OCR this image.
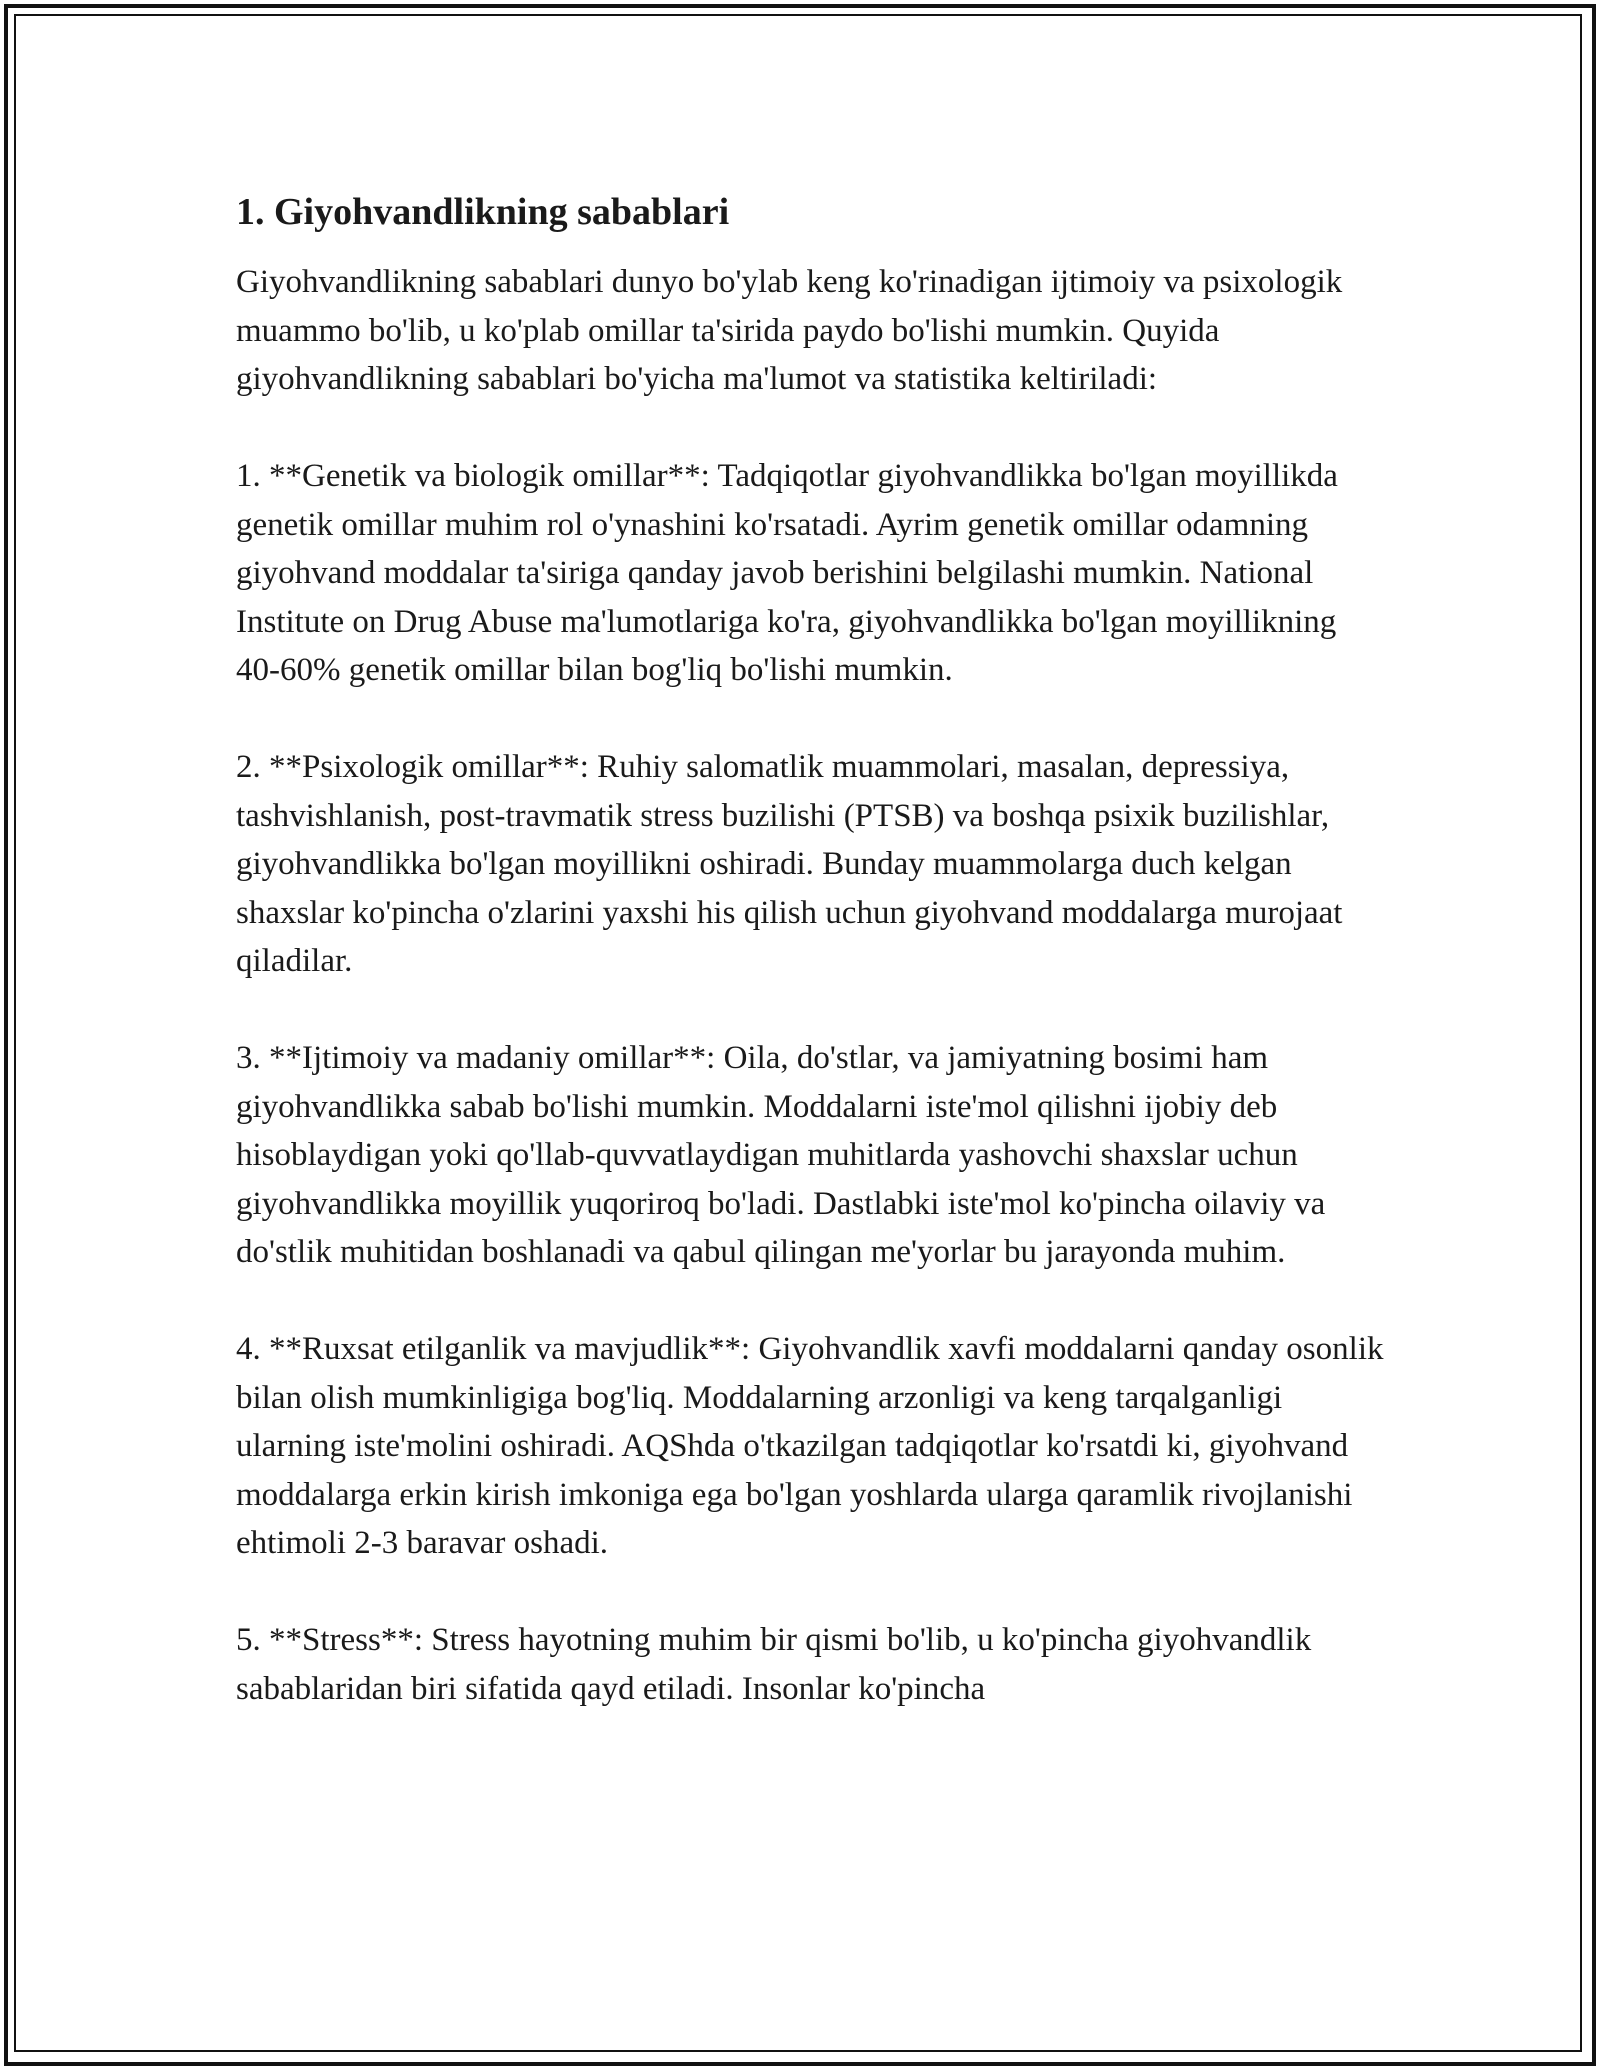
1. Giyohvandlikning sabablari

Giyohvandlikning sabablari dunyo bo'ylab keng ko'rinadigan ijtimoiy va psixologik muammo bo'lib, u ko'plab omillar ta'sirida paydo bo'lishi mumkin. Quyida giyohvandlikning sabablari bo'yicha ma'lumot va statistika keltiriladi:

1. **Genetik va biologik omillar**: Tadqiqotlar giyohvandlikka bo'lgan moyillikda genetik omillar muhim rol o'ynashini ko'rsatadi. Ayrim genetik omillar odamning giyohvand moddalar ta'siriga qanday javob berishini belgilashi mumkin. National Institute on Drug Abuse ma'lumotlariga ko'ra, giyohvandlikka bo'lgan moyillikning 40-60% genetik omillar bilan bog'liq bo'lishi mumkin.

2. **Psixologik omillar**: Ruhiy salomatlik muammolari, masalan, depressiya, tashvishlanish, post-travmatik stress buzilishi (PTSB) va boshqa psixik buzilishlar, giyohvandlikka bo'lgan moyillikni oshiradi. Bunday muammolarga duch kelgan shaxslar ko'pincha o'zlarini yaxshi his qilish uchun giyohvand moddalarga murojaat qiladilar.

3. **Ijtimoiy va madaniy omillar**: Oila, do'stlar, va jamiyatning bosimi ham giyohvandlikka sabab bo'lishi mumkin. Moddalarni iste'mol qilishni ijobiy deb hisoblaydigan yoki qo'llab-quvvatlaydigan muhitlarda yashovchi shaxslar uchun giyohvandlikka moyillik yuqoriroq bo'ladi. Dastlabki iste'mol ko'pincha oilaviy va do'stlik muhitidan boshlanadi va qabul qilingan me'yorlar bu jarayonda muhim.

4. **Ruxsat etilganlik va mavjudlik**: Giyohvandlik xavfi moddalarni qanday osonlik bilan olish mumkinligiga bog'liq. Moddalarning arzonligi va keng tarqalganligi ularning iste'molini oshiradi. AQShda o'tkazilgan tadqiqotlar ko'rsatdi ki, giyohvand moddalarga erkin kirish imkoniga ega bo'lgan yoshlarda ularga qaramlik rivojlanishi ehtimoli 2-3 baravar oshadi.

5. **Stress**: Stress hayotning muhim bir qismi bo'lib, u ko'pincha giyohvandlik sabablaridan biri sifatida qayd etiladi. Insonlar ko'pincha
